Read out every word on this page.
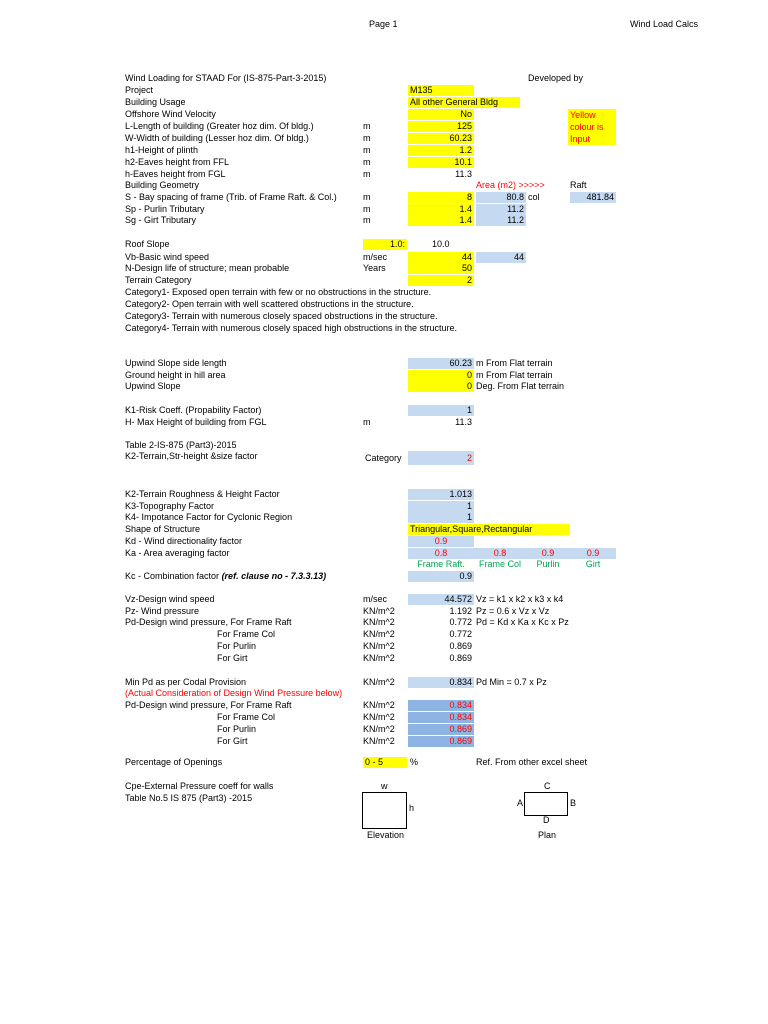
Page 1	Wind Load Calcs
Wind Loading for STAAD For (IS-875-Part-3-2015)	Developed by
Project	M135
Building Usage	All other General Bldg
Offshore Wind Velocity	No	Yellow
colour is
Input
L-Length of building (Greater hoz dim. Of bldg.)	m	125
W-Width of building (Lesser hoz dim. Of bldg.)	m	60.23
h1-Height of plinth	m	1.2
h2-Eaves height from FFL	m	10.1
h-Eaves height from FGL	m	11.3
Building Geometry	Area (m2) >>>>>	Raft
S - Bay spacing of frame (Trib. of Frame Raft. & Col.)	m	8	80.8 col	481.84
Sp - Purlin Tributary	m	1.4	11.2
Sg - Girt Tributary	m	1.4	11.2
Roof Slope	1.0:	10.0
Vb-Basic wind speed	m/sec	44	44
N-Design life of structure; mean probable	Years	50
Terrain Category	2
Category1- Exposed open terrain with few or no obstructions in the structure.
Category2- Open terrain with well scattered obstructions in the structure.
Category3- Terrain with numerous closely spaced obstructions in the structure.
Category4- Terrain with numerous closely spaced high obstructions in the structure.
Upwind Slope side length	60.23 m From Flat terrain
Ground height in hill area	0 m From Flat terrain
Upwind Slope	0 Deg. From Flat terrain
K1-Risk Coeff. (Propability Factor)	1
H- Max Height of building from FGL	m	11.3
Table 2-IS-875 (Part3)-2015
K2-Terrain,Str-height &size factor	Category	2
K2-Terrain Roughness & Height Factor	1.013
K3-Topography Factor	1
K4- Impotance Factor for Cyclonic Region	1
Shape of Structure	Triangular,Square,Rectangular
Kd - Wind directionality factor	0.9
Ka - Area averaging factor	0.8	0.8	0.9	0.9
Frame Raft.	Frame Col	Purlin	Girt
Kc - Combination factor (ref. clause no - 7.3.3.13)	0.9
Vz-Design wind speed	m/sec	44.572 Vz = k1 x k2 x k3 x k4
Pz- Wind pressure	KN/m^2	1.192 Pz = 0.6 x Vz x Vz
Pd-Design wind pressure, For Frame Raft	KN/m^2	0.772 Pd = Kd x Ka x Kc x Pz
For Frame Col	KN/m^2	0.772
For Purlin	KN/m^2	0.869
For Girt	KN/m^2	0.869
Min Pd as per Codal Provision	KN/m^2	0.834 Pd Min = 0.7 x Pz
(Actual Consideration of Design Wind Pressure below)
Pd-Design wind pressure, For Frame Raft	KN/m^2	0.834
For Frame Col	KN/m^2	0.834
For Purlin	KN/m^2	0.869
For Girt	KN/m^2	0.869
Percentage of Openings	0 - 5	%	Ref. From other excel sheet
Cpe-External Pressure coeff for walls
Table No.5 IS 875 (Part3) -2015
w
h
Elevation
C
A	B
D
Plan
